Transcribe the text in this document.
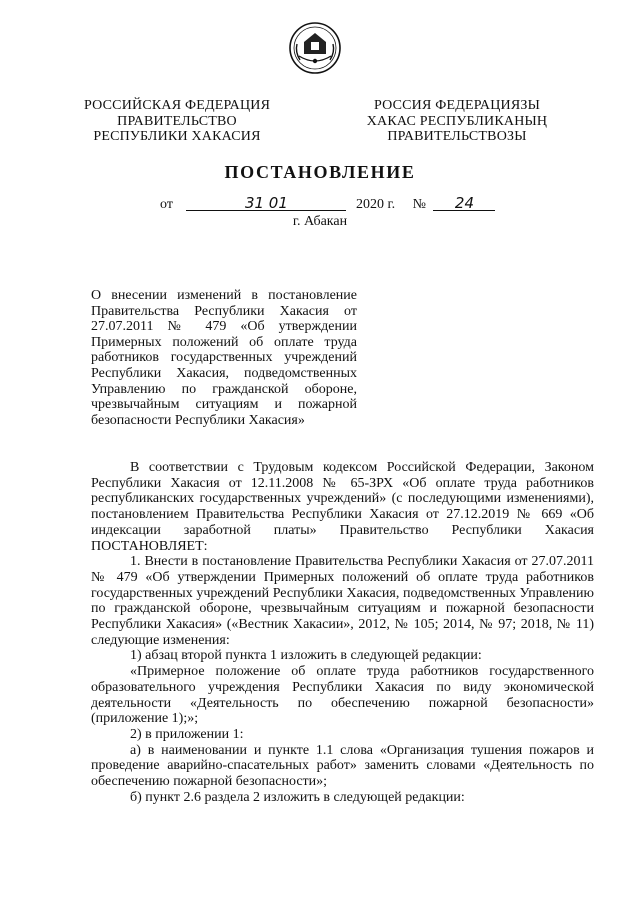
РОССИЙСКАЯ ФЕДЕРАЦИЯ
ПРАВИТЕЛЬСТВО
РЕСПУБЛИКИ ХАКАСИЯ
РОССИЯ ФЕДЕРАЦИЯЗЫ
ХАКАС РЕСПУБЛИКАНЫҢ
ПРАВИТЕЛЬСТВОЗЫ
ПОСТАНОВЛЕНИЕ
от	31 01	2020 г. № 24
г. Абакан
О внесении изменений в постановление Правительства Республики Хакасия от 27.07.2011 № 479 «Об утверждении Примерных положений об оплате труда работников государственных учреждений Республики Хакасия, подведомственных Управлению по гражданской обороне, чрезвычайным ситуациям и пожарной безопасности Республики Хакасия»

В соответствии с Трудовым кодексом Российской Федерации, Законом Республики Хакасия от 12.11.2008 № 65-ЗРХ «Об оплате труда работников республиканских государственных учреждений» (с последующими изменениями), постановлением Правительства Республики Хакасия от 27.12.2019 № 669 «Об индексации заработной платы» Правительство Республики Хакасия ПОСТАНОВЛЯЕТ:

1. Внести в постановление Правительства Республики Хакасия от 27.07.2011 № 479 «Об утверждении Примерных положений об оплате труда работников государственных учреждений Республики Хакасия, подведомственных Управлению по гражданской обороне, чрезвычайным ситуациям и пожарной безопасности Республики Хакасия» («Вестник Хакасии», 2012, № 105; 2014, № 97; 2018, № 11) следующие изменения:

1) абзац второй пункта 1 изложить в следующей редакции:

«Примерное положение об оплате труда работников государственного образовательного учреждения Республики Хакасия по виду экономической деятельности «Деятельность по обеспечению пожарной безопасности» (приложение 1);»;

2) в приложении 1:

а) в наименовании и пункте 1.1 слова «Организация тушения пожаров и проведение аварийно-спасательных работ» заменить словами «Деятельность по обеспечению пожарной безопасности»;

б) пункт 2.6 раздела 2 изложить в следующей редакции:
